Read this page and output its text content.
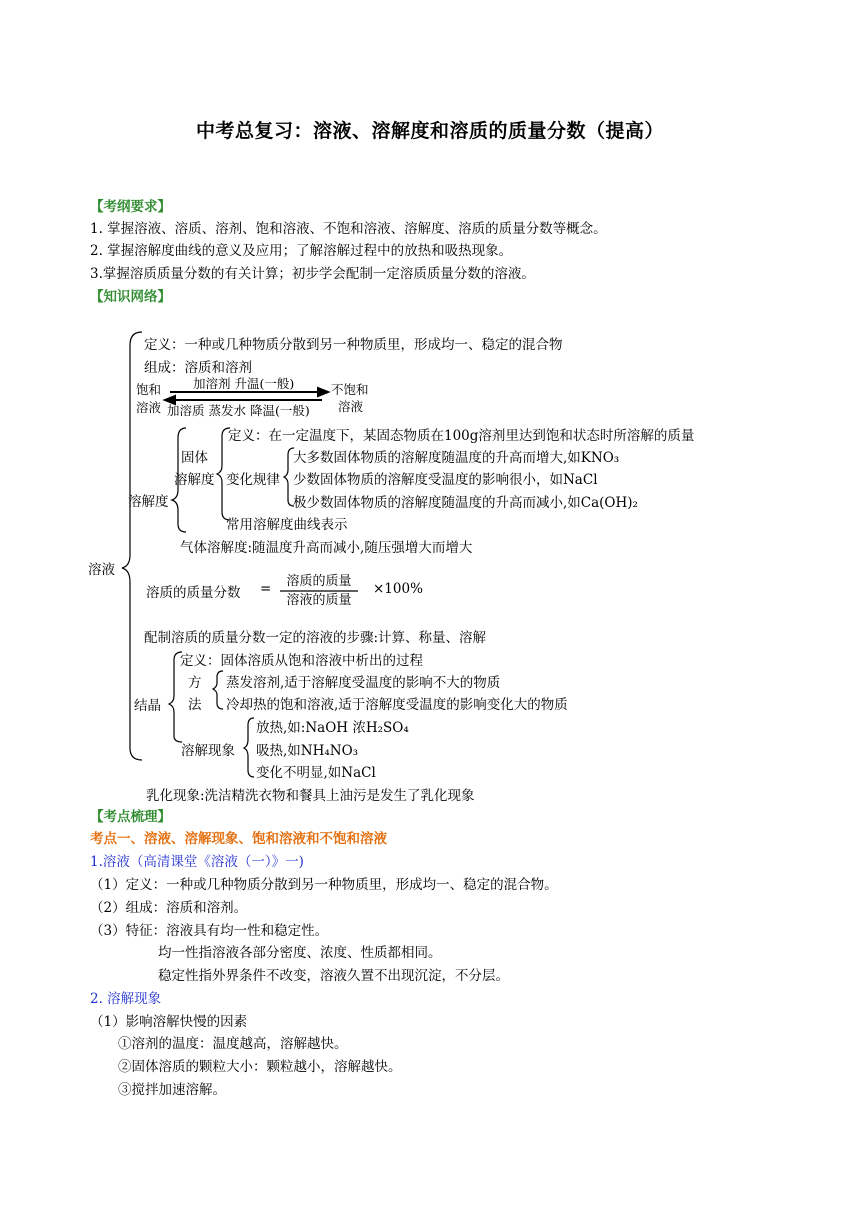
中考总复习：溶液、溶解度和溶质的质量分数（提高）
【考纲要求】
1. 掌握溶液、溶质、溶剂、饱和溶液、不饱和溶液、溶解度、溶质的质量分数等概念。
2. 掌握溶解度曲线的意义及应用；了解溶解过程中的放热和吸热现象。
3.掌握溶质质量分数的有关计算；初步学会配制一定溶质质量分数的溶液。
【知识网络】
溶液
定义：一种或几种物质分散到另一种物质里，形成均一、稳定的混合物
组成：溶质和溶剂
饱和
溶液
加溶剂 升温(一般)
加溶质 蒸发水 降温(一般)
不饱和
溶液
溶解度
固体
溶解度
定义：在一定温度下，某固态物质在100g溶剂里达到饱和状态时所溶解的质量
变化规律
大多数固体物质的溶解度随温度的升高而增大,如KNO₃
少数固体物质的溶解度受温度的影响很小，如NaCl
极少数固体物质的溶解度随温度的升高而减小,如Ca(OH)₂
常用溶解度曲线表示
气体溶解度:随温度升高而减小,随压强增大而增大
溶质的质量分数 =	溶质的质量
溶液的质量
×100%
配制溶质的质量分数一定的溶液的步骤:计算、称量、溶解
结晶
定义：固体溶质从饱和溶液中析出的过程
方
法
蒸发溶剂,适于溶解度受温度的影响不大的物质
冷却热的饱和溶液,适于溶解度受温度的影响变化大的物质
溶解现象
放热,如:NaOH 浓H₂SO₄
吸热,如NH₄NO₃
变化不明显,如NaCl
乳化现象:洗洁精洗衣物和餐具上油污是发生了乳化现象
【考点梳理】
考点一、溶液、溶解现象、饱和溶液和不饱和溶液
1.溶液（高清课堂《溶液（一）》一)
（1）定义：一种或几种物质分散到另一种物质里，形成均一、稳定的混合物。
（2）组成：溶质和溶剂。
（3）特征：溶液具有均一性和稳定性。
均一性指溶液各部分密度、浓度、性质都相同。
稳定性指外界条件不改变，溶液久置不出现沉淀，不分层。
2. 溶解现象
（1）影响溶解快慢的因素
①溶剂的温度：温度越高，溶解越快。
②固体溶质的颗粒大小：颗粒越小，溶解越快。
③搅拌加速溶解。
